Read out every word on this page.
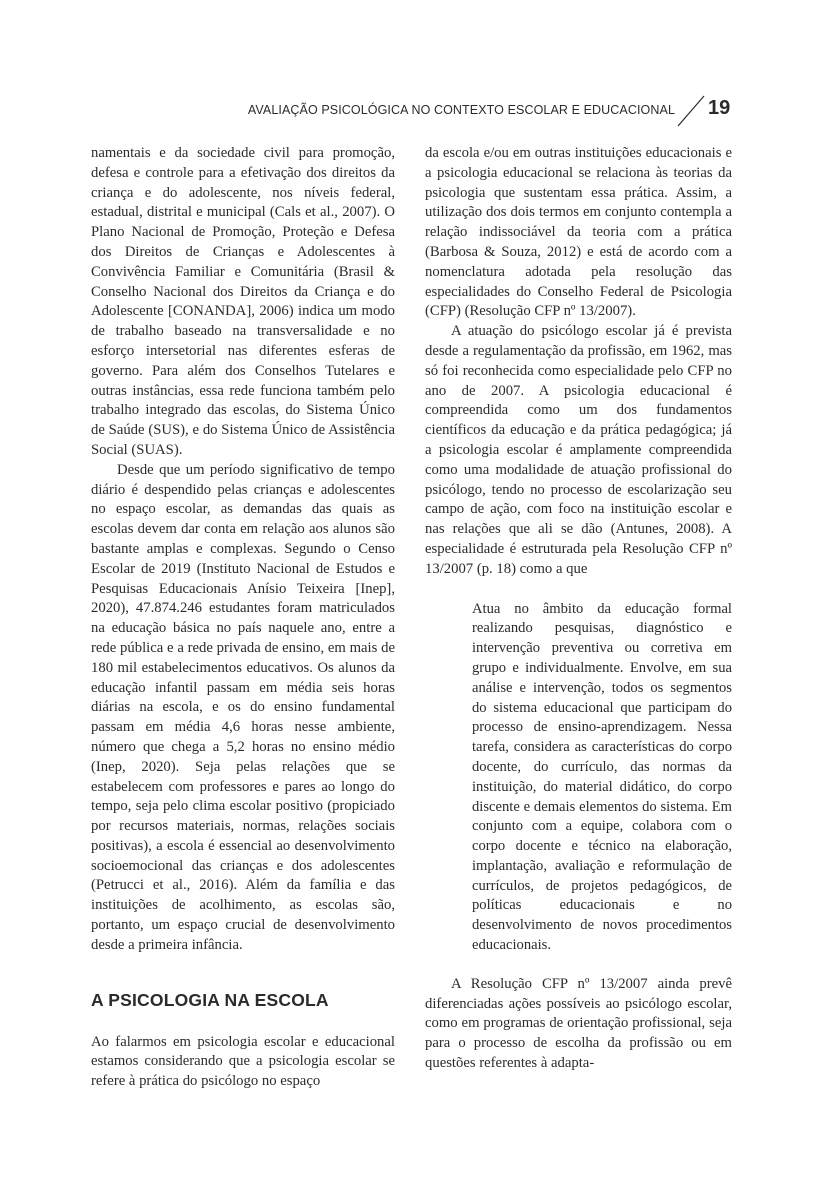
AVALIAÇÃO PSICOLÓGICA NO CONTEXTO ESCOLAR E EDUCACIONAL 19

namentais e da sociedade civil para promoção, defesa e controle para a efetivação dos direitos da criança e do adolescente, nos níveis federal, estadual, distrital e municipal (Cals et al., 2007). O Plano Nacional de Promoção, Proteção e Defesa dos Direitos de Crianças e Adolescentes à Convivência Familiar e Comunitária (Brasil & Conselho Nacional dos Direitos da Criança e do Adolescente [CONANDA], 2006) indica um modo de trabalho baseado na transversalidade e no esforço intersetorial nas diferentes esferas de governo. Para além dos Conselhos Tutelares e outras instâncias, essa rede funciona também pelo trabalho integrado das escolas, do Sistema Único de Saúde (SUS), e do Sistema Único de Assistência Social (SUAS).

Desde que um período significativo de tempo diário é despendido pelas crianças e adolescentes no espaço escolar, as demandas das quais as escolas devem dar conta em relação aos alunos são bastante amplas e complexas. Segundo o Censo Escolar de 2019 (Instituto Nacional de Estudos e Pesquisas Educacionais Anísio Teixeira [Inep], 2020), 47.874.246 estudantes foram matriculados na educação básica no país naquele ano, entre a rede pública e a rede privada de ensino, em mais de 180 mil estabelecimentos educativos. Os alunos da educação infantil passam em média seis horas diárias na escola, e os do ensino fundamental passam em média 4,6 horas nesse ambiente, número que chega a 5,2 horas no ensino médio (Inep, 2020). Seja pelas relações que se estabelecem com professores e pares ao longo do tempo, seja pelo clima escolar positivo (propiciado por recursos materiais, normas, relações sociais positivas), a escola é essencial ao desenvolvimento socioemocional das crianças e dos adolescentes (Petrucci et al., 2016). Além da família e das instituições de acolhimento, as escolas são, portanto, um espaço crucial de desenvolvimento desde a primeira infância.

A PSICOLOGIA NA ESCOLA

Ao falarmos em psicologia escolar e educacional estamos considerando que a psicologia escolar se refere à prática do psicólogo no espaço

da escola e/ou em outras instituições educacionais e a psicologia educacional se relaciona às teorias da psicologia que sustentam essa prática. Assim, a utilização dos dois termos em conjunto contempla a relação indissociável da teoria com a prática (Barbosa & Souza, 2012) e está de acordo com a nomenclatura adotada pela resolução das especialidades do Conselho Federal de Psicologia (CFP) (Resolução CFP nº 13/2007).

A atuação do psicólogo escolar já é prevista desde a regulamentação da profissão, em 1962, mas só foi reconhecida como especialidade pelo CFP no ano de 2007. A psicologia educacional é compreendida como um dos fundamentos científicos da educação e da prática pedagógica; já a psicologia escolar é amplamente compreendida como uma modalidade de atuação profissional do psicólogo, tendo no processo de escolarização seu campo de ação, com foco na instituição escolar e nas relações que ali se dão (Antunes, 2008). A especialidade é estruturada pela Resolução CFP nº 13/2007 (p. 18) como a que

Atua no âmbito da educação formal realizando pesquisas, diagnóstico e intervenção preventiva ou corretiva em grupo e individualmente. Envolve, em sua análise e intervenção, todos os segmentos do sistema educacional que participam do processo de ensino-aprendizagem. Nessa tarefa, considera as características do corpo docente, do currículo, das normas da instituição, do material didático, do corpo discente e demais elementos do sistema. Em conjunto com a equipe, colabora com o corpo docente e técnico na elaboração, implantação, avaliação e reformulação de currículos, de projetos pedagógicos, de políticas educacionais e no desenvolvimento de novos procedimentos educacionais.

A Resolução CFP nº 13/2007 ainda prevê diferenciadas ações possíveis ao psicólogo escolar, como em programas de orientação profissional, seja para o processo de escolha da profissão ou em questões referentes à adapta-
